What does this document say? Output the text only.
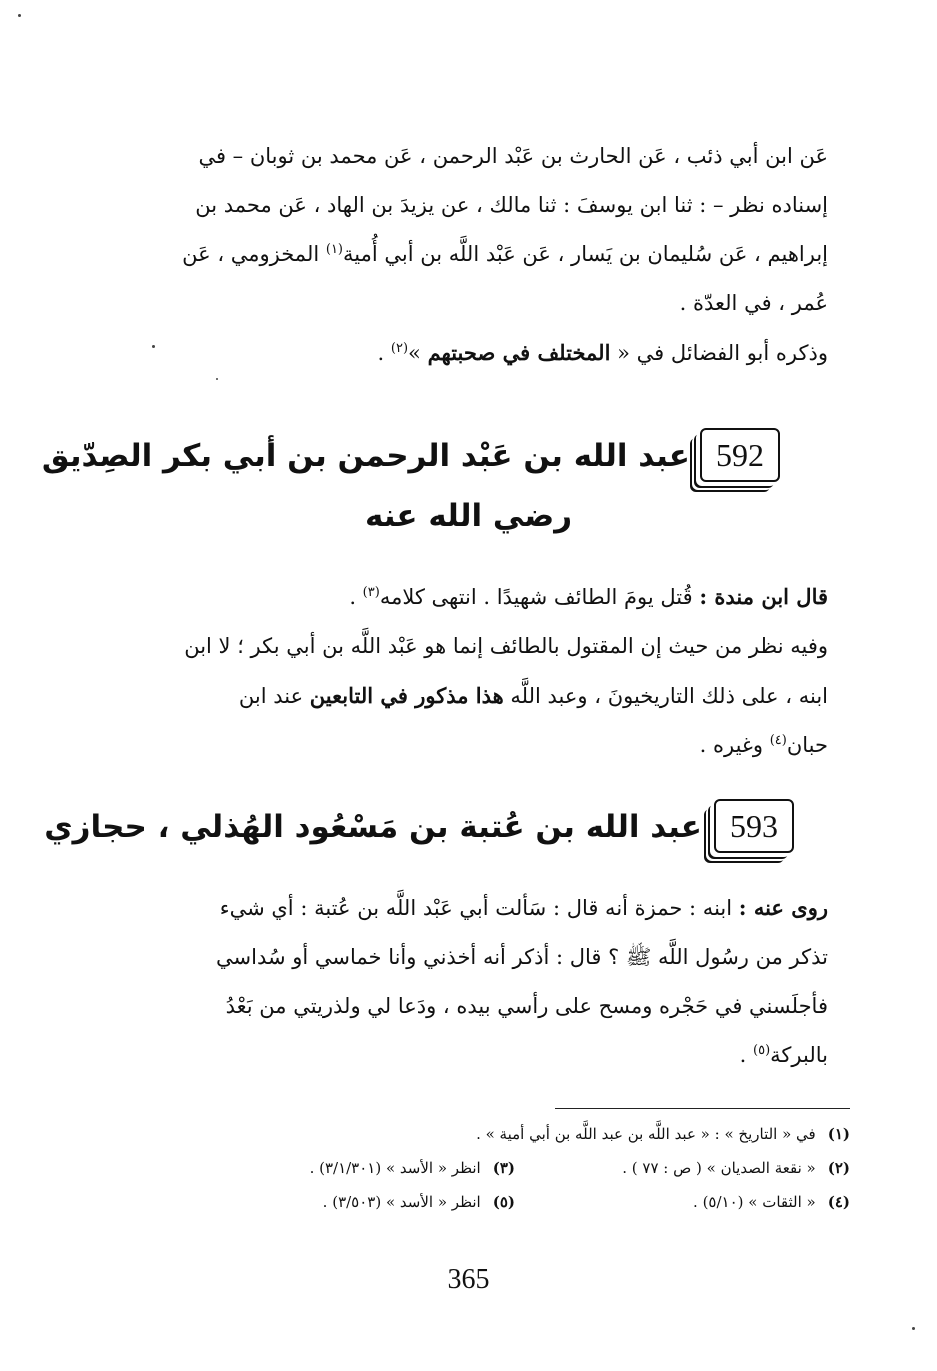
عَن ابن أبي ذئب ، عَن الحارث بن عَبْد الرحمن ، عَن محمد بن ثوبان – في
إسناده نظر – : ثنا ابن يوسفَ : ثنا مالك ، عن يزيدَ بن الهاد ، عَن محمد بن
إبراهيم ، عَن سُليمان بن يَسار ، عَن عَبْد اللَّه بن أبي أُمية$^{(١)}$ المخزومي ، عَن
عُمر ، في العدّة .
وذكره أبو الفضائل في « المختلف في صحبتهم »$^{(٢)}$ .
592
عبد الله بن عَبْد الرحمن بن أبي بكر الصِدّيق
رضي الله عنه
قال ابن مندة : قُتل يومَ الطائف شهيدًا . انتهى كلامه$^{(٣)}$ .
وفيه نظر من حيث إن المقتول بالطائف إنما هو عَبْد اللَّه بن أبي بكر ؛ لا ابن
ابنه ، على ذلك التاريخيونَ ، وعبد اللَّه هذا مذكور في التابعين عند ابن
حبان$^{(٤)}$ وغيره .
593
عبد الله بن عُتبة بن مَسْعُود الهُذلي ، حجازي
روى عنه : ابنه : حمزة أنه قال : سَألت أبي عَبْد اللَّه بن عُتبة : أي شيء
تذكر من رسُول اللَّه ﷺ ؟ قال : أذكر أنه أخذني وأنا خماسي أو سُداسي
فأجلَسني في حَجْره ومسح على رأسي بيده ، ودَعا لي ولذريتي من بَعْدُ
بالبركة$^{(٥)}$ .
(١)في « التاريخ » : « عبد اللَّه بن عبد اللَّه بن أبي أمية » .
(٢)« نقعة الصديان » ( ص : ٧٧ ) .
(٣)انظر « الأسد » (٣/١/٣٠١) .
(٤)« الثقات » (٥/١٠) .
(٥)انظر « الأسد » (٣/٥٠٣) .
365
